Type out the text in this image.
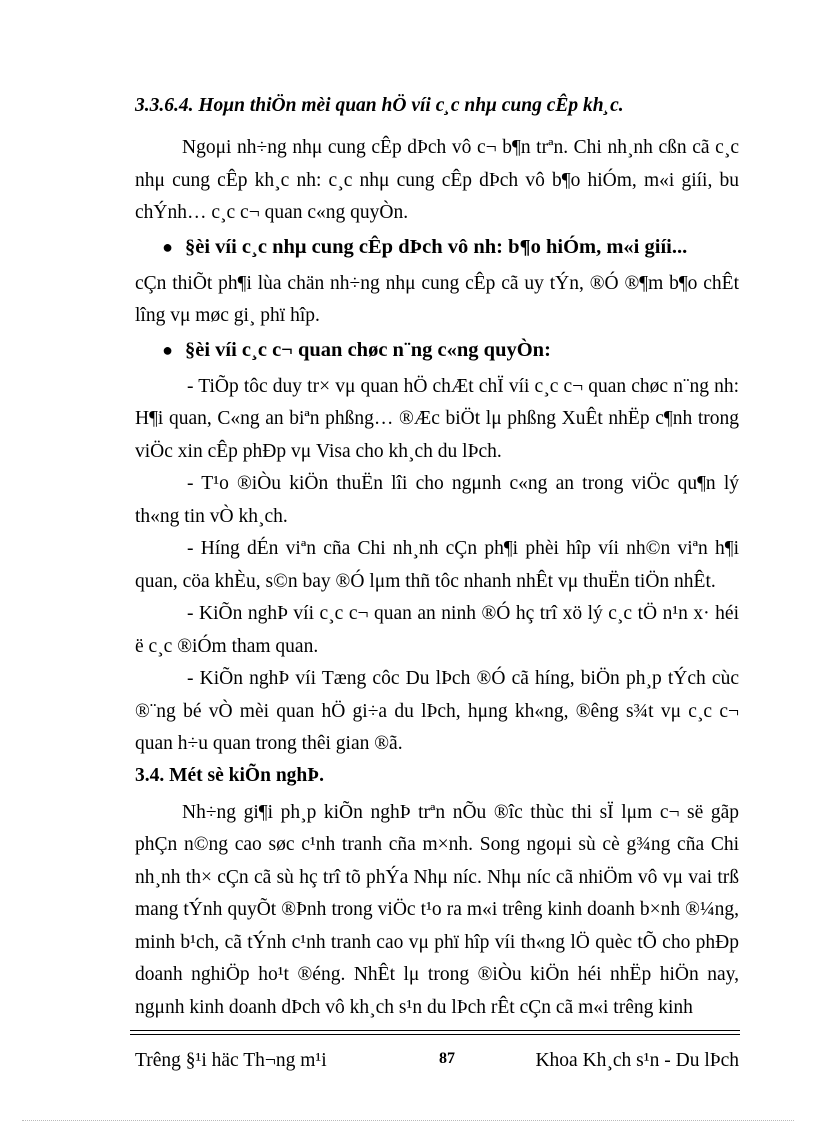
3.3.6.4. Hoμn thiÖn mèi quan hÖ víi c¸c nhμ cung cÊp kh¸c.

Ngoμi nh÷ng nhμ cung cÊp dÞch vô c¬ b¶n trªn. Chi nh¸nh cßn cã c¸c nhμ cung cÊp kh¸c nh: c¸c nhμ cung cÊp dÞch vô b¶o hiÓm, m«i giíi, bu chÝnh… c¸c c¬ quan c«ng quyÒn.

● §èi víi c¸c nhμ cung cÊp dÞch vô nh: b¶o hiÓm, m«i giíi...

cÇn thiÕt ph¶i lùa chän nh÷ng nhμ cung cÊp cã uy tÝn, ®Ó ®¶m b¶o chÊt lîng vμ møc gi¸ phï hîp.

● §èi víi c¸c c¬ quan chøc n¨ng c«ng quyÒn:

- TiÕp tôc duy tr× vμ quan hÖ chÆt chÏ víi c¸c c¬ quan chøc n¨ng nh: H¶i quan, C«ng an biªn phßng… ®Æc biÖt lμ phßng XuÊt nhËp c¶nh trong viÖc xin cÊp phÐp vμ Visa cho kh¸ch du lÞch.

- T¹o ®iÒu kiÖn thuËn lîi cho ngμnh c«ng an trong viÖc qu¶n lý th«ng tin vÒ kh¸ch.

- Híng dÉn viªn cña Chi nh¸nh cÇn ph¶i phèi hîp víi nh©n viªn h¶i quan, cöa khÈu, s©n bay ®Ó lμm thñ tôc nhanh nhÊt vμ thuËn tiÖn nhÊt.

- KiÕn nghÞ víi c¸c c¬ quan an ninh ®Ó hç trî xö lý c¸c tÖ n¹n x· héi ë c¸c ®iÓm tham quan.

- KiÕn nghÞ víi Tæng côc Du lÞch ®Ó cã híng, biÖn ph¸p tÝch cùc ®¨ng bé vÒ mèi quan hÖ gi÷a du lÞch, hμng kh«ng, ®êng s¾t vμ c¸c c¬ quan h÷u quan trong thêi gian ®ã.

3.4. Mét sè kiÕn nghÞ.

Nh÷ng gi¶i ph¸p kiÕn nghÞ trªn nÕu ®îc thùc thi sÏ lμm c¬ së gãp phÇn n©ng cao søc c¹nh tranh cña m×nh. Song ngoμi sù cè g¾ng cña Chi nh¸nh th× cÇn cã sù hç trî tõ phÝa Nhμ níc. Nhμ níc cã nhiÖm vô vμ vai trß mang tÝnh quyÕt ®Þnh trong viÖc t¹o ra m«i trêng kinh doanh b×nh ®¼ng, minh b¹ch, cã tÝnh c¹nh tranh cao vμ phï hîp víi th«ng lÖ quèc tÕ cho phÐp doanh nghiÖp ho¹t ®éng. NhÊt lμ trong ®iÒu kiÖn héi nhËp hiÖn nay, ngμnh kinh doanh dÞch vô kh¸ch s¹n du lÞch rÊt cÇn cã m«i trêng kinh

Trêng §¹i häc Th¬ng m¹i	87	Khoa Kh¸ch s¹n - Du lÞch
